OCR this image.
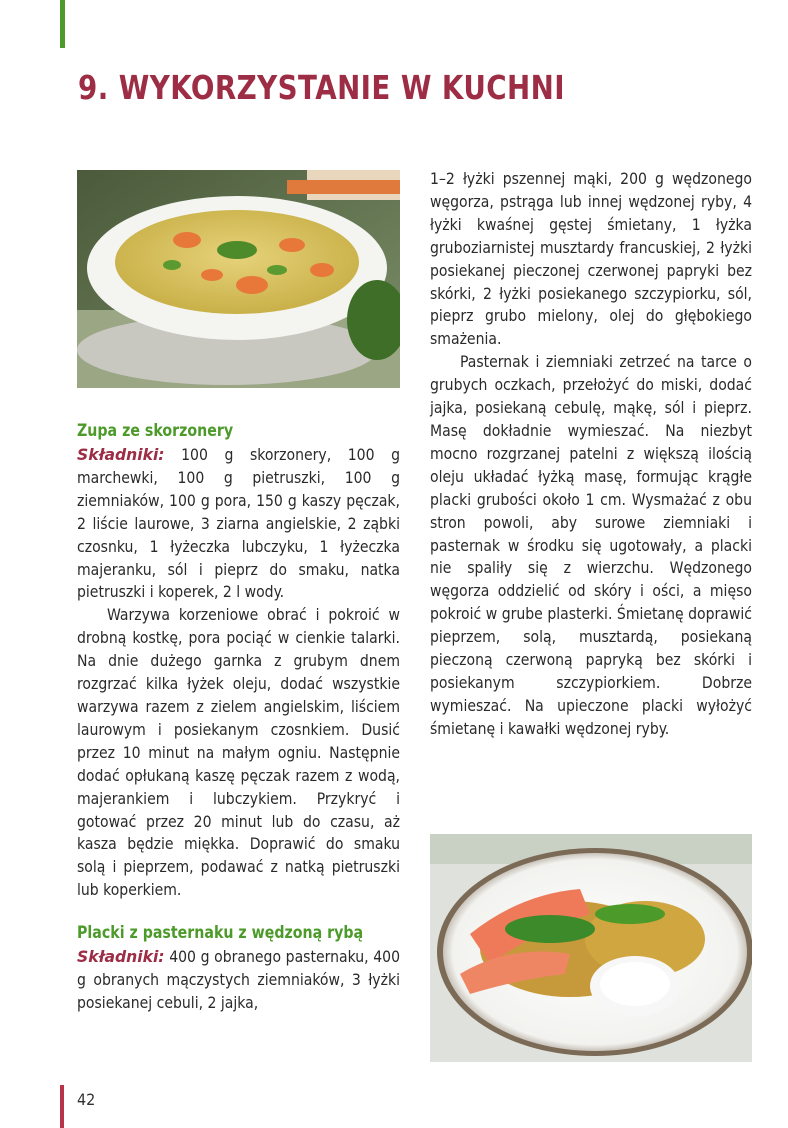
9. WYKORZYSTANIE W KUCHNI
Zupa ze skorzonery

Składniki: 100 g skorzonery, 100 g marchewki, 100 g pietruszki, 100 g ziemniaków, 100 g pora, 150 g kaszy pęczak, 2 liście laurowe, 3 ziarna angielskie, 2 ząbki czosnku, 1 łyżeczka lubczyku, 1 łyżeczka majeranku, sól i pieprz do smaku, natka pietruszki i koperek, 2 l wody.

Warzywa korzeniowe obrać i pokroić w drobną kostkę, pora pociąć w cienkie talarki. Na dnie dużego garnka z grubym dnem rozgrzać kilka łyżek oleju, dodać wszystkie warzywa razem z zielem angielskim, liściem laurowym i posiekanym czosnkiem. Dusić przez 10 minut na małym ogniu. Następnie dodać opłukaną kaszę pęczak razem z wodą, majerankiem i lubczykiem. Przykryć i gotować przez 20 minut lub do czasu, aż kasza będzie miękka. Doprawić do smaku solą i pieprzem, podawać z natką pietruszki lub koperkiem.

Placki z pasternaku z wędzoną rybą

Składniki: 400 g obranego pasternaku, 400 g obranych mączystych ziemniaków, 3 łyżki posiekanej cebuli, 2 jajka,

1–2 łyżki pszennej mąki, 200 g wędzonego węgorza, pstrąga lub innej wędzonej ryby, 4 łyżki kwaśnej gęstej śmietany, 1 łyżka gruboziarnistej musztardy francuskiej, 2 łyżki posiekanej pieczonej czerwonej papryki bez skórki, 2 łyżki posiekanego szczypiorku, sól, pieprz grubo mielony, olej do głębokiego smażenia.

Pasternak i ziemniaki zetrzeć na tarce o grubych oczkach, przełożyć do miski, dodać jajka, posiekaną cebulę, mąkę, sól i pieprz. Masę dokładnie wymieszać. Na niezbyt mocno rozgrzanej patelni z większą ilością oleju układać łyżką masę, formując krągłe placki grubości około 1 cm. Wysmażać z obu stron powoli, aby surowe ziemniaki i pasternak w środku się ugotowały, a placki nie spaliły się z wierzchu. Wędzonego węgorza oddzielić od skóry i ości, a mięso pokroić w grube plasterki. Śmietanę doprawić pieprzem, solą, musztardą, posiekaną pieczoną czerwoną papryką bez skórki i posiekanym szczypiorkiem. Dobrze wymieszać. Na upieczone placki wyłożyć śmietanę i kawałki wędzonej ryby.

42
